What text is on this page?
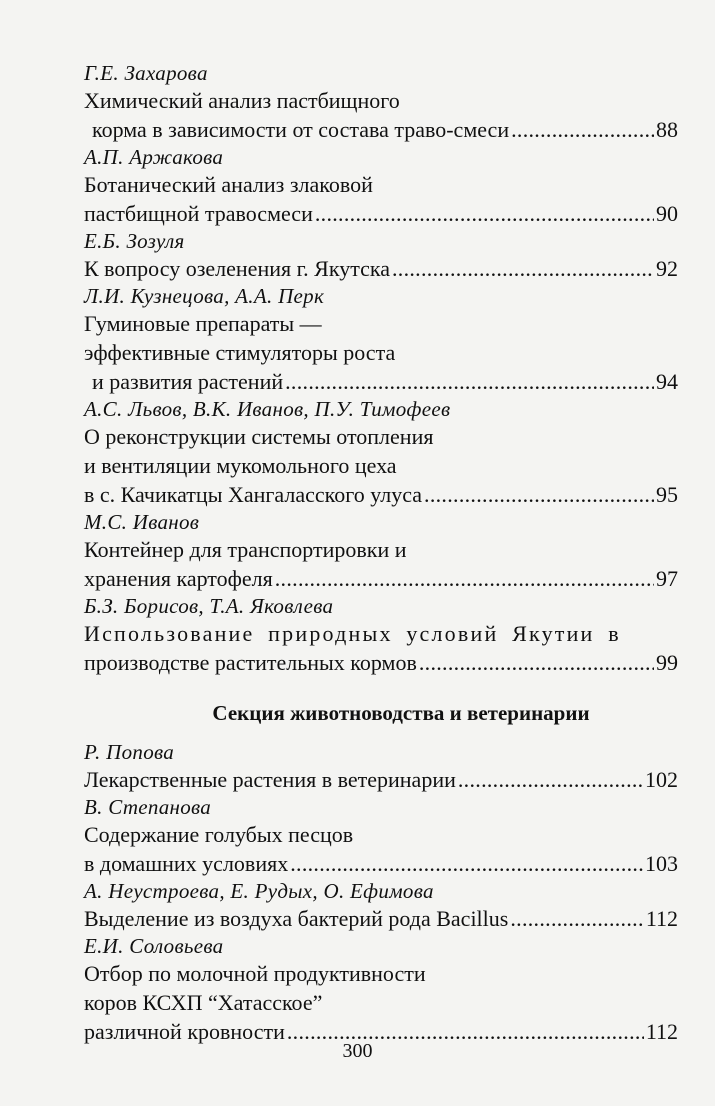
Г.Е. Захарова
Химический анализ пастбищного
корма в зависимости от состава траво-смеси . . .	88
А.П. Аржакова
Ботанический анализ злаковой
пастбищной травосмеси . . .	90
Е.Б. Зозуля
К вопросу озеленения г. Якутска . . .	92
Л.И. Кузнецова, А.А. Перк
Гуминовые препараты —
эффективные стимуляторы роста
и развития растений . . .	94
А.С. Львов, В.К. Иванов, П.У. Тимофеев
О реконструкции системы отопления
и вентиляции мукомольного цеха
в с. Качикатцы Хангаласского улуса . . .	95
М.С. Иванов
Контейнер для транспортировки и
хранения картофеля . . .	97
Б.З. Борисов, Т.А. Яковлева
Использование природных условий Якутии в
производстве растительных кормов . . .	99
Секция животноводства и ветеринарии
Р. Попова
Лекарственные растения в ветеринарии . . .	102
В. Степанова
Содержание голубых песцов
в домашних условиях . . .	103
А. Неустроева, Е. Рудых, О. Ефимова
Выделение из воздуха бактерий рода Bacillus . . .	112
Е.И. Соловьева
Отбор по молочной продуктивности
коров КСХП “Хатасское”
различной кровности . . .	112
300
